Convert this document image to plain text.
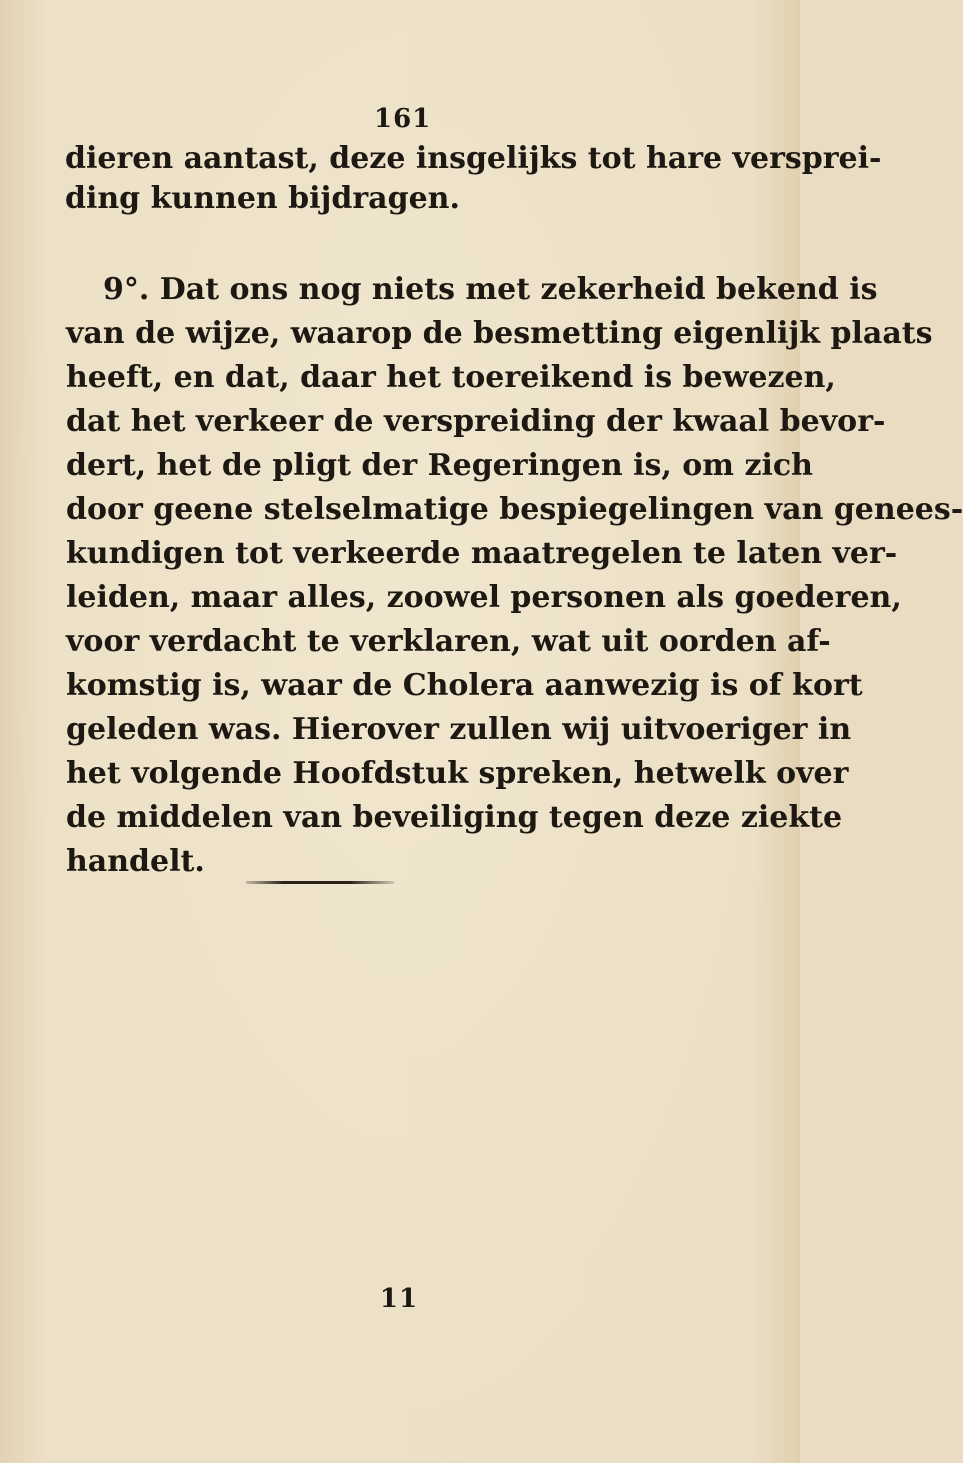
161
dieren aantast, deze insgelijks tot hare versprei-
ding kunnen bijdragen.
9°. Dat ons nog niets met zekerheid bekend is
van de wijze, waarop de besmetting eigenlijk plaats
heeft, en dat, daar het toereikend is bewezen,
dat het verkeer de verspreiding der kwaal bevor-
dert, het de pligt der Regeringen is, om zich
door geene stelselmatige bespiegelingen van genees-
kundigen tot verkeerde maatregelen te laten ver-
leiden, maar alles, zoowel personen als goederen,
voor verdacht te verklaren, wat uit oorden af-
komstig is, waar de Cholera aanwezig is of kort
geleden was. Hierover zullen wij uitvoeriger in
het volgende Hoofdstuk spreken, hetwelk over
de middelen van beveiliging tegen deze ziekte
handelt.
11
